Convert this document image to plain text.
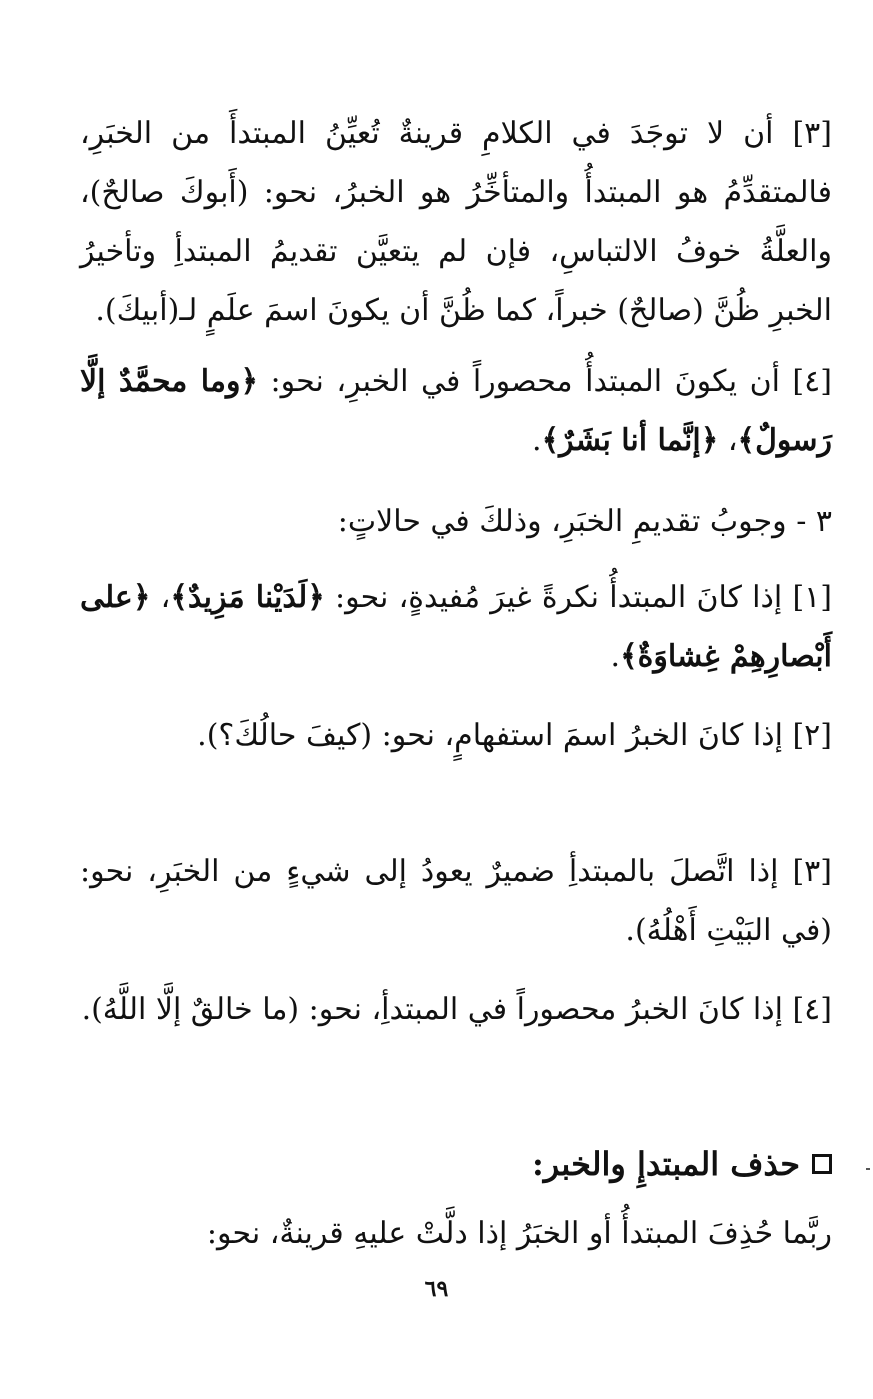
[٣] أن لا توجَدَ في الكلامِ قرينةٌ تُعيِّنُ المبتدأَ من الخبَرِ، فالمتقدِّمُ هو المبتدأُ والمتأخِّرُ هو الخبرُ، نحو: (أَبوكَ صالحٌ)، والعلَّةُ خوفُ الالتباسِ، فإن لم يتعيَّن تقديمُ المبتدأِ وتأخيرُ الخبرِ ظُنَّ (صالحٌ) خبراً، كما ظُنَّ أن يكونَ اسمَ علَمٍ لـ(أبيكَ).

[٤] أن يكونَ المبتدأُ محصوراً في الخبرِ، نحو: ﴿وما محمَّدٌ إلَّا رَسولٌ﴾، ﴿إنَّما أنا بَشَرٌ﴾.

٣ - وجوبُ تقديمِ الخبَرِ، وذلكَ في حالاتٍ:

[١] إذا كانَ المبتدأُ نكرةً غيرَ مُفيدةٍ، نحو: ﴿لَدَيْنا مَزِيدٌ﴾، ﴿على أَبْصارِهِمْ غِشاوَةٌ﴾.

[٢] إذا كانَ الخبرُ اسمَ استفهامٍ، نحو: (كيفَ حالُكَ؟).

[٣] إذا اتَّصلَ بالمبتدأِ ضميرٌ يعودُ إلى شيءٍ من الخبَرِ، نحو: (في البَيْتِ أَهْلُهُ).

[٤] إذا كانَ الخبرُ محصوراً في المبتدأِ، نحو: (ما خالقٌ إلَّا اللَّهُ).

حذف المبتدإِ والخبر:

ربَّما حُذِفَ المبتدأُ أو الخبَرُ إذا دلَّتْ عليهِ قرينةٌ، نحو:

٦٩
